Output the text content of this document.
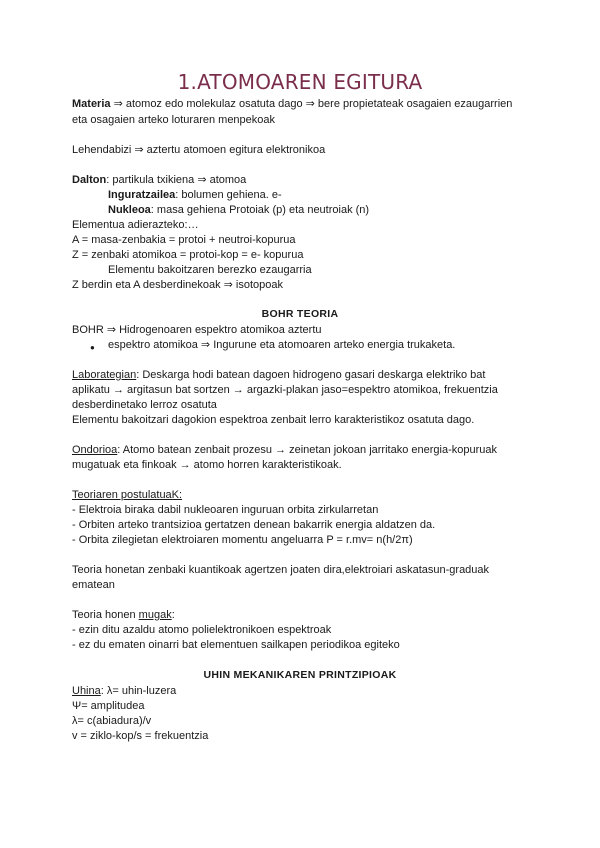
1.ATOMOAREN EGITURA
Materia ⇒ atomoz edo molekulaz osatuta dago ⇒ bere propietateak osagaien ezaugarrien
eta osagaien arteko loturaren menpekoak
Lehendabizi ⇒ aztertu atomoen egitura elektronikoa
Dalton: partikula txikiena ⇒ atomoa
Inguratzailea: bolumen gehiena. e-
Nukleoa: masa gehiena Protoiak (p) eta neutroiak (n)
Elementua adierazteko:…
A = masa-zenbakia = protoi + neutroi-kopurua
Z = zenbaki atomikoa = protoi-kop = e- kopurua
Elementu bakoitzaren berezko ezaugarria
Z berdin eta A desberdinekoak ⇒ isotopoak
BOHR TEORIA
BOHR ⇒ Hidrogenoaren espektro atomikoa aztertu
● espektro atomikoa ⇒ Ingurune eta atomoaren arteko energia trukaketa.
Laborategian: Deskarga hodi batean dagoen hidrogeno gasari deskarga elektriko bat
aplikatu → argitasun bat sortzen → argazki-plakan jaso=espektro atomikoa, frekuentzia
desberdinetako lerroz osatuta
Elementu bakoitzari dagokion espektroa zenbait lerro karakteristikoz osatuta dago.
Ondorioa: Atomo batean zenbait prozesu → zeinetan jokoan jarritako energia-kopuruak
mugatuak eta finkoak → atomo horren karakteristikoak.
Teoriaren postulatuaK:
- Elektroia biraka dabil nukleoaren inguruan orbita zirkularretan
- Orbiten arteko trantsizioa gertatzen denean bakarrik energia aldatzen da.
- Orbita zilegietan elektroiaren momentu angeluarra P = r.mv= n(h/2π)
Teoria honetan zenbaki kuantikoak agertzen joaten dira,elektroiari askatasun-graduak
ematean
Teoria honen mugak:
- ezin ditu azaldu atomo polielektronikoen espektroak
- ez du ematen oinarri bat elementuen sailkapen periodikoa egiteko
UHIN MEKANIKAREN PRINTZIPIOAK
Uhina: λ= uhin-luzera
Ψ= amplitudea
λ= c(abiadura)/v
v = ziklo-kop/s = frekuentzia
